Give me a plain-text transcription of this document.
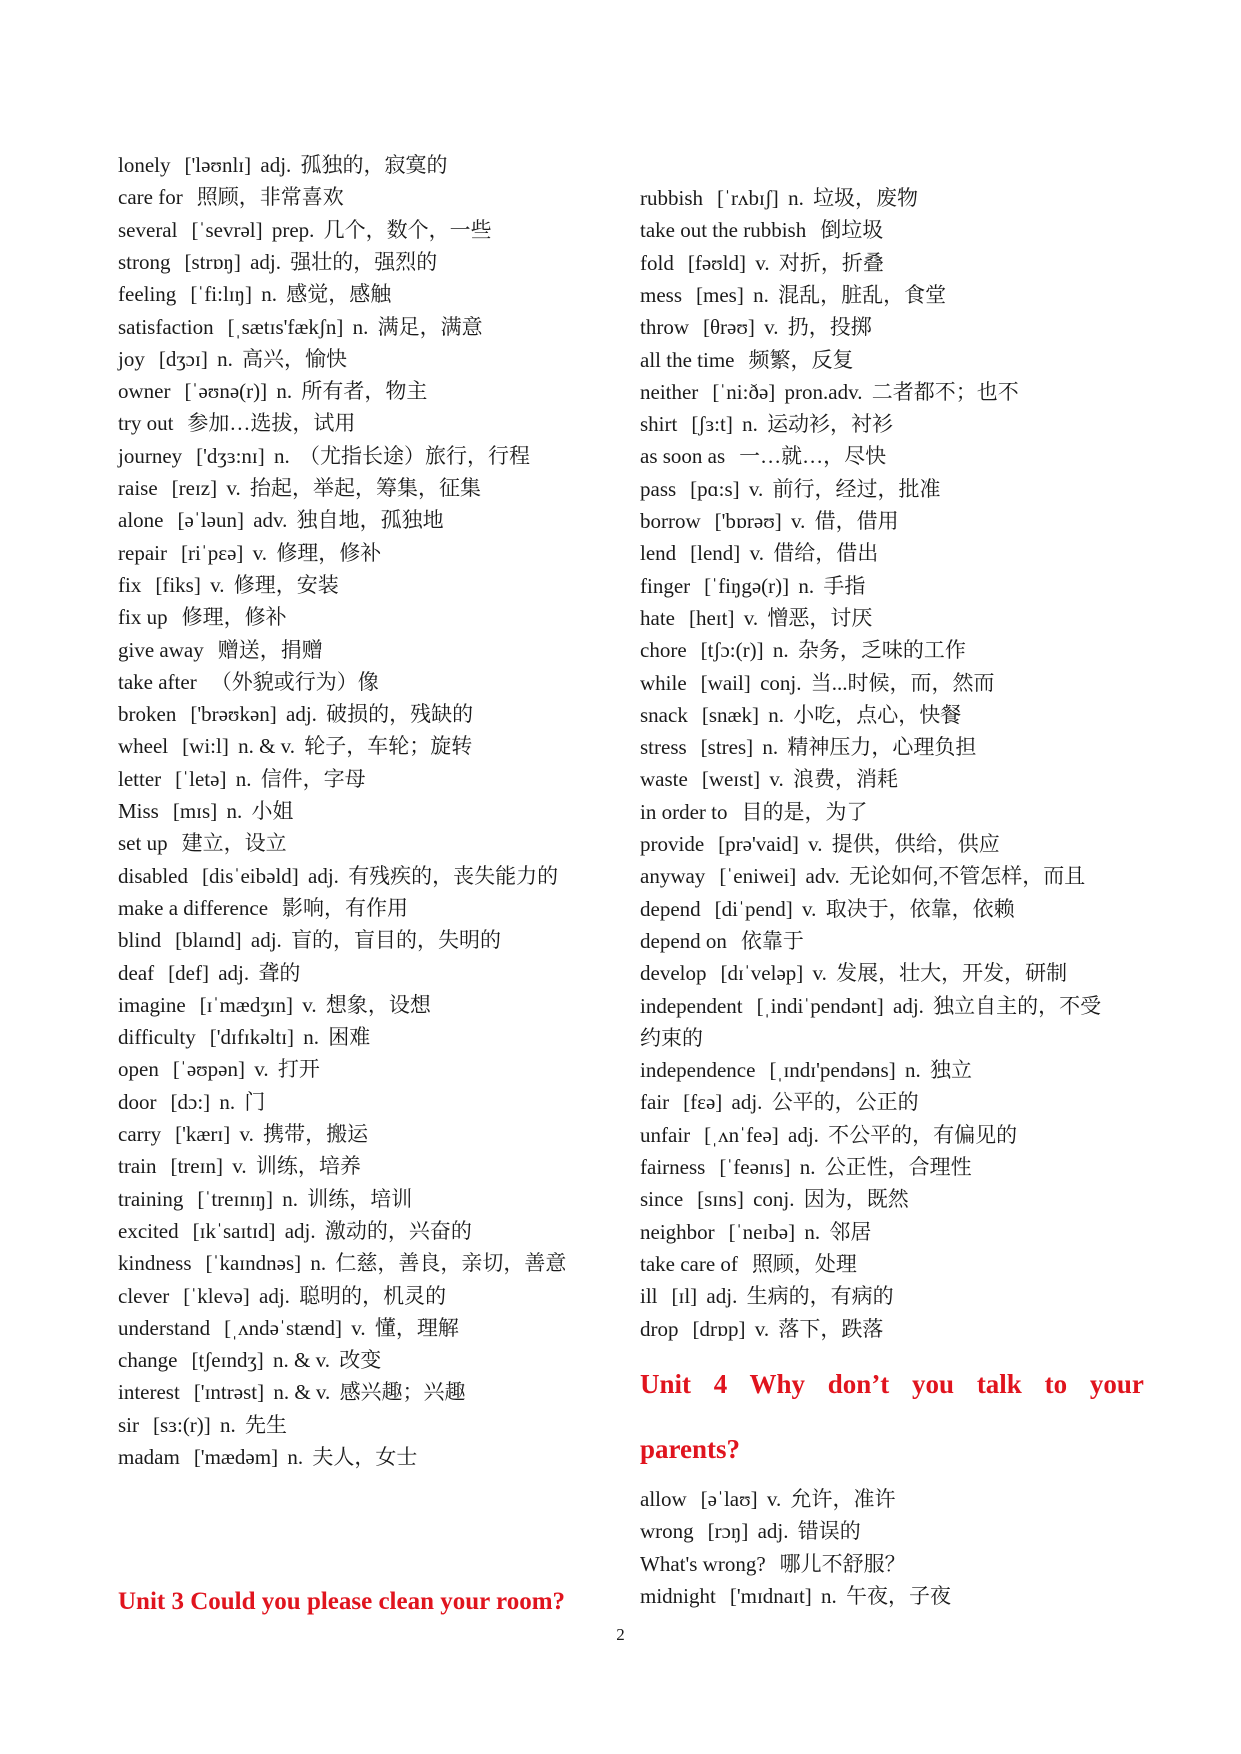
lonely ['ləʊnlɪ] adj. 孤独的，寂寞的
care for 照顾，非常喜欢
several [ˈsevrəl] prep. 几个，数个，一些
strong [strɒŋ] adj. 强壮的，强烈的
feeling [ˈfi:lɪŋ] n. 感觉，感触
satisfaction [ˌsætɪs'fækʃn] n. 满足，满意
joy [dʒɔɪ] n. 高兴，愉快
owner [ˈəʊnə(r)] n. 所有者，物主
try out 参加…选拔，试用
journey ['dʒɜ:nɪ] n. （尤指长途）旅行，行程
raise [reɪz] v. 抬起，举起，筹集，征集
alone [əˈləun] adv. 独自地，孤独地
repair [riˈpɛə] v. 修理，修补
fix [fiks] v. 修理，安装
fix up 修理，修补
give away 赠送，捐赠
take after （外貌或行为）像
broken ['brəʊkən] adj. 破损的，残缺的
wheel [wi:l] n. & v. 轮子，车轮；旋转
letter [ˈletə] n. 信件，字母
Miss [mɪs] n. 小姐
set up 建立，设立
disabled [disˈeibəld] adj. 有残疾的，丧失能力的
make a difference 影响，有作用
blind [blaɪnd] adj. 盲的，盲目的，失明的
deaf [def] adj. 聋的
imagine [ɪˈmædʒɪn] v. 想象，设想
difficulty ['dɪfɪkəltɪ] n. 困难
open [ˈəʊpən] v. 打开
door [dɔ:] n. 门
carry ['kærɪ] v. 携带，搬运
train [treɪn] v. 训练，培养
training [ˈtreɪnɪŋ] n. 训练，培训
excited [ɪkˈsaɪtɪd] adj. 激动的，兴奋的
kindness [ˈkaɪndnəs] n. 仁慈，善良，亲切，善意
clever [ˈklevə] adj. 聪明的，机灵的
understand [ˌʌndəˈstænd] v. 懂，理解
change [tʃeɪndʒ] n. & v. 改变
interest ['ɪntrəst] n. & v. 感兴趣；兴趣
sir [sɜ:(r)] n. 先生
madam ['mædəm] n. 夫人，女士
Unit 3 Could you please clean your room?
rubbish [ˈrʌbɪʃ] n. 垃圾，废物
take out the rubbish 倒垃圾
fold [fəʊld] v. 对折，折叠
mess [mes] n. 混乱，脏乱，食堂
throw [θrəʊ] v. 扔，投掷
all the time 频繁，反复
neither [ˈni:ðə] pron.adv. 二者都不；也不
shirt [ʃɜ:t] n. 运动衫，衬衫
as soon as 一…就…，尽快
pass [pɑ:s] v. 前行，经过，批准
borrow ['bɒrəʊ] v. 借，借用
lend [lend] v. 借给，借出
finger [ˈfiŋgə(r)] n. 手指
hate [heɪt] v. 憎恶，讨厌
chore [tʃɔ:(r)] n. 杂务，乏味的工作
while [wail] conj. 当...时候，而，然而
snack [snæk] n. 小吃，点心，快餐
stress [stres] n. 精神压力，心理负担
waste [weɪst] v. 浪费，消耗
in order to 目的是，为了
provide [prə'vaid] v. 提供，供给，供应
anyway [ˈeniwei] adv. 无论如何,不管怎样，而且
depend [diˈpend] v. 取决于，依靠，依赖
depend on 依靠于
develop [dɪˈveləp] v. 发展，壮大，开发，研制
independent [ˌindiˈpendənt] adj. 独立自主的，不受
约束的
independence [ˌɪndɪ'pendəns] n. 独立
fair [fɛə] adj. 公平的，公正的
unfair [ˌʌnˈfeə] adj. 不公平的，有偏见的
fairness [ˈfeənɪs] n. 公正性，合理性
since [sɪns] conj. 因为，既然
neighbor [ˈneɪbə] n. 邻居
take care of 照顾，处理
ill [ɪl] adj. 生病的，有病的
drop [drɒp] v. 落下，跌落
Unit 4 Why don’t you talk to your
parents?
allow [əˈlaʊ] v. 允许，准许
wrong [rɔŋ] adj. 错误的
What's wrong? 哪儿不舒服？
midnight ['mɪdnaɪt] n. 午夜，子夜
2
